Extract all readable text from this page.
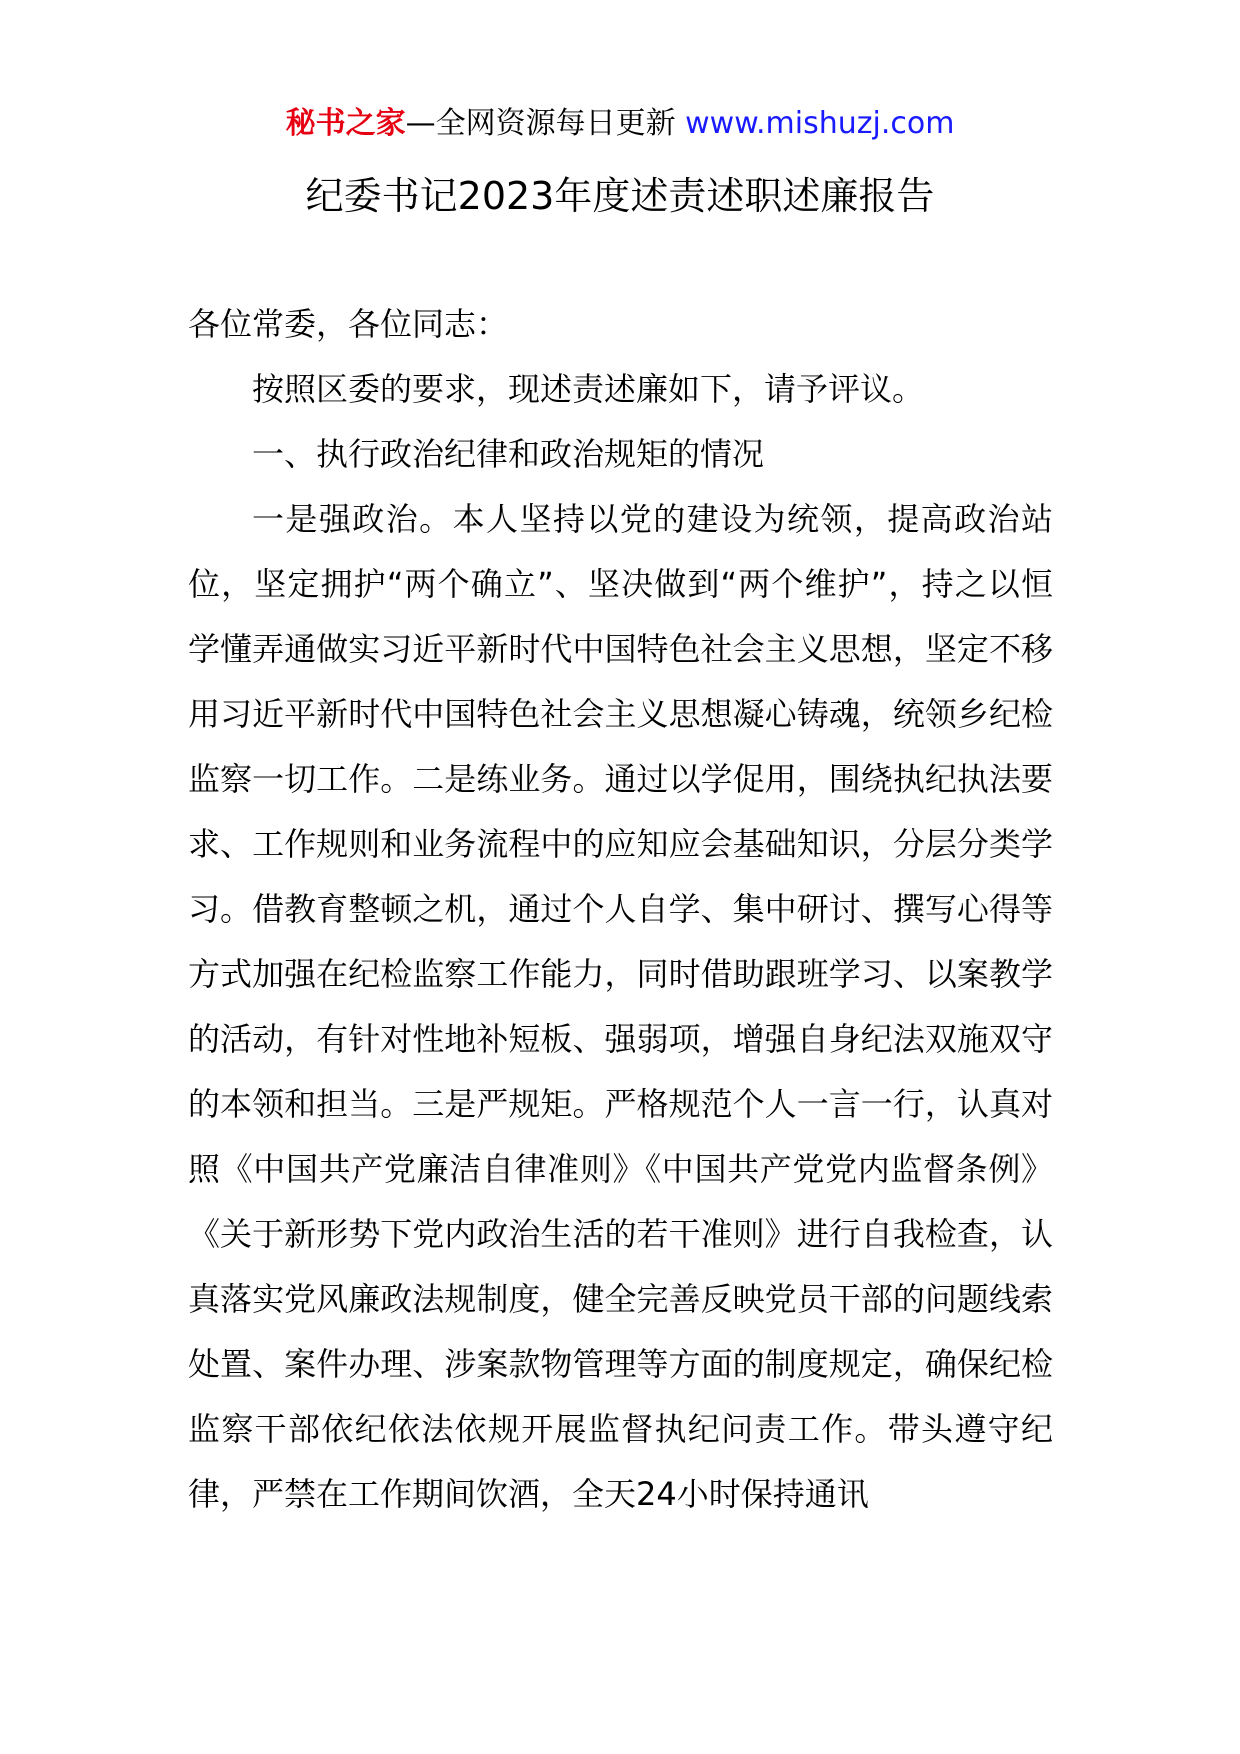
秘书之家—全网资源每日更新 www.mishuzj.com
纪委书记2023年度述责述职述廉报告

各位常委，各位同志：

按照区委的要求，现述责述廉如下，请予评议。

一、执行政治纪律和政治规矩的情况

一是强政治。本人坚持以党的建设为统领，提高政治站位，坚定拥护“两个确立”、坚决做到“两个维护”，持之以恒学懂弄通做实习近平新时代中国特色社会主义思想，坚定不移用习近平新时代中国特色社会主义思想凝心铸魂，统领乡纪检监察一切工作。二是练业务。通过以学促用，围绕执纪执法要求、工作规则和业务流程中的应知应会基础知识，分层分类学习。借教育整顿之机，通过个人自学、集中研讨、撰写心得等方式加强在纪检监察工作能力，同时借助跟班学习、以案教学的活动，有针对性地补短板、强弱项，增强自身纪法双施双守的本领和担当。三是严规矩。严格规范个人一言一行，认真对照《中国共产党廉洁自律准则》《中国共产党党内监督条例》《关于新形势下党内政治生活的若干准则》进行自我检查，认真落实党风廉政法规制度，健全完善反映党员干部的问题线索处置、案件办理、涉案款物管理等方面的制度规定，确保纪检监察干部依纪依法依规开展监督执纪问责工作。带头遵守纪律，严禁在工作期间饮酒，全天24小时保持通讯
